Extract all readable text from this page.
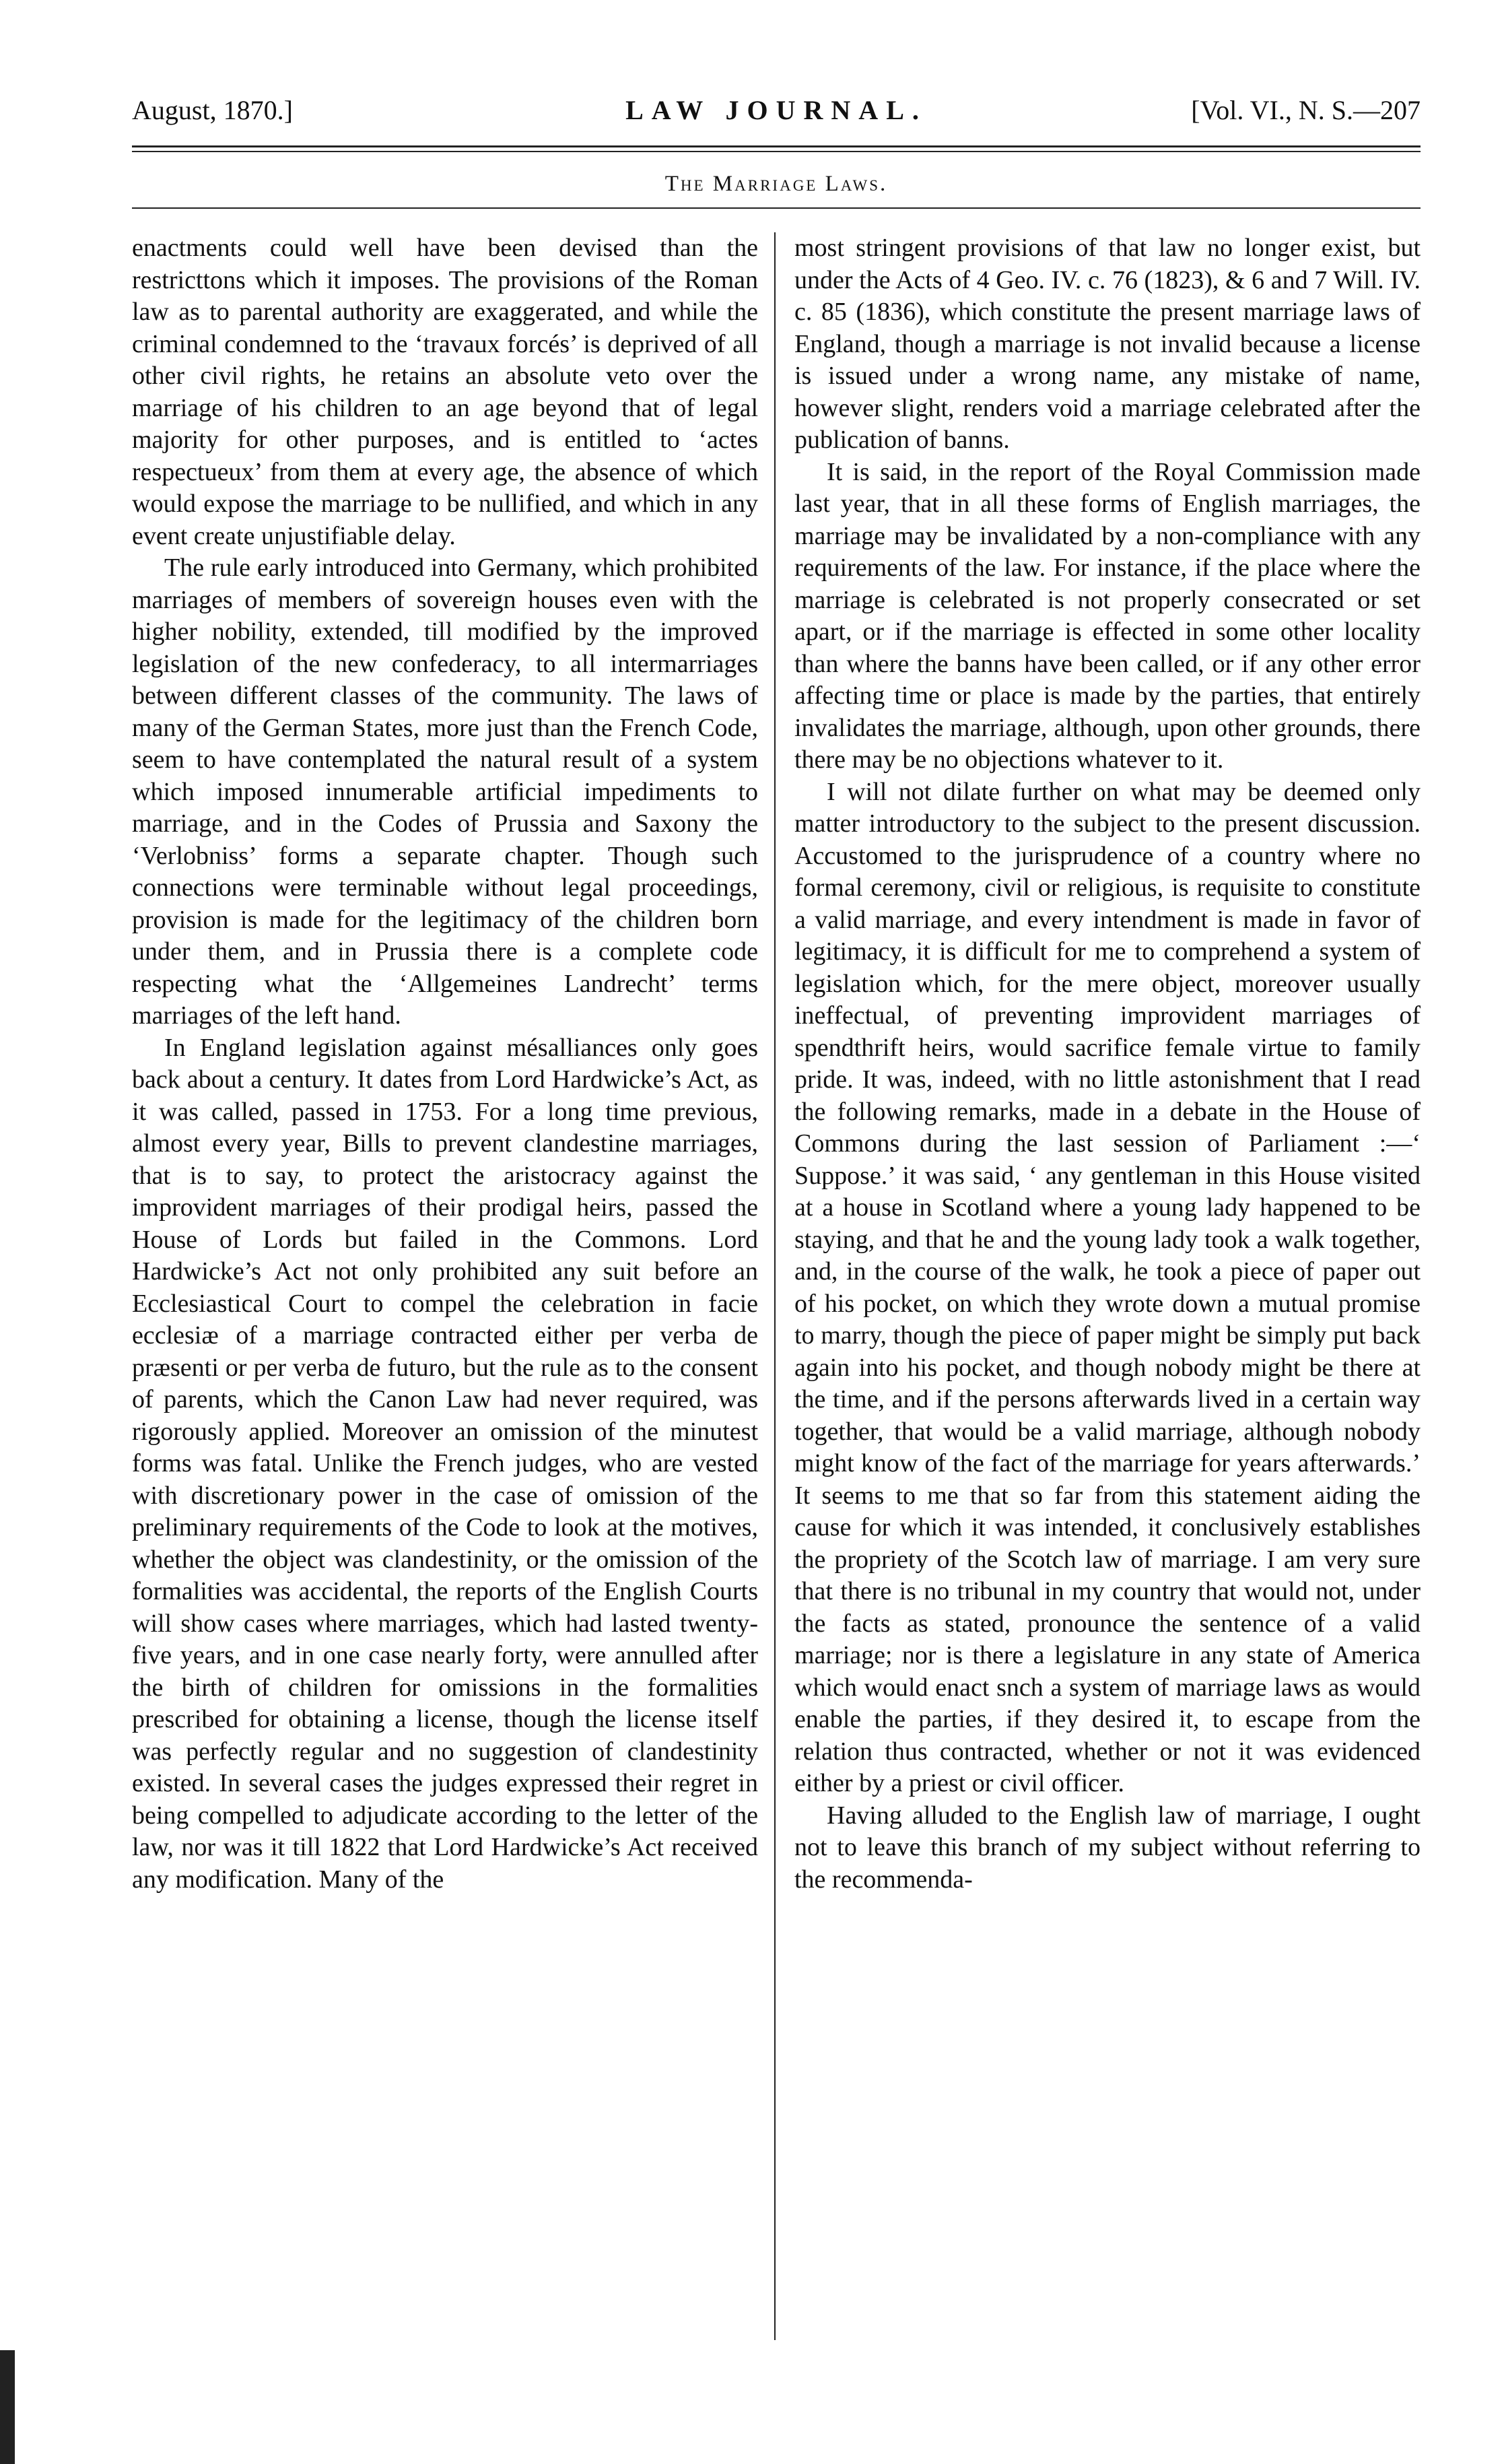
August, 1870.]	LAW JOURNAL.	[Vol. VI., N. S.—207
The Marriage Laws.

enactments could well have been devised than the restricttons which it imposes. The provisions of the Roman law as to parental authority are exaggerated, and while the criminal condemned to the ‘travaux forcés’ is deprived of all other civil rights, he retains an absolute veto over the marriage of his children to an age beyond that of legal majority for other purposes, and is entitled to ‘actes respectueux’ from them at every age, the absence of which would expose the marriage to be nullified, and which in any event create unjustifiable delay.

The rule early introduced into Germany, which prohibited marriages of members of sovereign houses even with the higher nobility, extended, till modified by the improved legislation of the new confederacy, to all intermarriages between different classes of the community. The laws of many of the German States, more just than the French Code, seem to have contemplated the natural result of a system which imposed innumerable artificial impediments to marriage, and in the Codes of Prussia and Saxony the ‘Verlobniss’ forms a separate chapter. Though such connections were terminable without legal proceedings, provision is made for the legitimacy of the children born under them, and in Prussia there is a complete code respecting what the ‘Allgemeines Landrecht’ terms marriages of the left hand.

In England legislation against mésalliances only goes back about a century. It dates from Lord Hardwicke’s Act, as it was called, passed in 1753. For a long time previous, almost every year, Bills to prevent clandestine marriages, that is to say, to protect the aristocracy against the improvident marriages of their prodigal heirs, passed the House of Lords but failed in the Commons. Lord Hardwicke’s Act not only prohibited any suit before an Ecclesiastical Court to compel the celebration in facie ecclesiæ of a marriage contracted either per verba de præsenti or per verba de futuro, but the rule as to the consent of parents, which the Canon Law had never required, was rigorously applied. Moreover an omission of the minutest forms was fatal. Unlike the French judges, who are vested with discretionary power in the case of omission of the preliminary requirements of the Code to look at the motives, whether the object was clandestinity, or the omission of the formalities was accidental, the reports of the English Courts will show cases where marriages, which had lasted twenty-five years, and in one case nearly forty, were annulled after the birth of children for omissions in the formalities prescribed for obtaining a license, though the license itself was perfectly regular and no suggestion of clandestinity existed. In several cases the judges expressed their regret in being compelled to adjudicate according to the letter of the law, nor was it till 1822 that Lord Hardwicke’s Act received any modification. Many of the

most stringent provisions of that law no longer exist, but under the Acts of 4 Geo. IV. c. 76 (1823), & 6 and 7 Will. IV. c. 85 (1836), which constitute the present marriage laws of England, though a marriage is not invalid because a license is issued under a wrong name, any mistake of name, however slight, renders void a marriage celebrated after the publication of banns.

It is said, in the report of the Royal Commission made last year, that in all these forms of English marriages, the marriage may be invalidated by a non-compliance with any requirements of the law. For instance, if the place where the marriage is celebrated is not properly consecrated or set apart, or if the marriage is effected in some other locality than where the banns have been called, or if any other error affecting time or place is made by the parties, that entirely invalidates the marriage, although, upon other grounds, there there may be no objections whatever to it.

I will not dilate further on what may be deemed only matter introductory to the subject to the present discussion. Accustomed to the jurisprudence of a country where no formal ceremony, civil or religious, is requisite to constitute a valid marriage, and every intendment is made in favor of legitimacy, it is difficult for me to comprehend a system of legislation which, for the mere object, moreover usually ineffectual, of preventing improvident marriages of spendthrift heirs, would sacrifice female virtue to family pride. It was, indeed, with no little astonishment that I read the following remarks, made in a debate in the House of Commons during the last session of Parliament :—‘ Suppose.’ it was said, ‘ any gentleman in this House visited at a house in Scotland where a young lady happened to be staying, and that he and the young lady took a walk together, and, in the course of the walk, he took a piece of paper out of his pocket, on which they wrote down a mutual promise to marry, though the piece of paper might be simply put back again into his pocket, and though nobody might be there at the time, and if the persons afterwards lived in a certain way together, that would be a valid marriage, although nobody might know of the fact of the marriage for years afterwards.’ It seems to me that so far from this statement aiding the cause for which it was intended, it conclusively establishes the propriety of the Scotch law of marriage. I am very sure that there is no tribunal in my country that would not, under the facts as stated, pronounce the sentence of a valid marriage; nor is there a legislature in any state of America which would enact snch a system of marriage laws as would enable the parties, if they desired it, to escape from the relation thus contracted, whether or not it was evidenced either by a priest or civil officer.

Having alluded to the English law of marriage, I ought not to leave this branch of my subject without referring to the recommenda-
